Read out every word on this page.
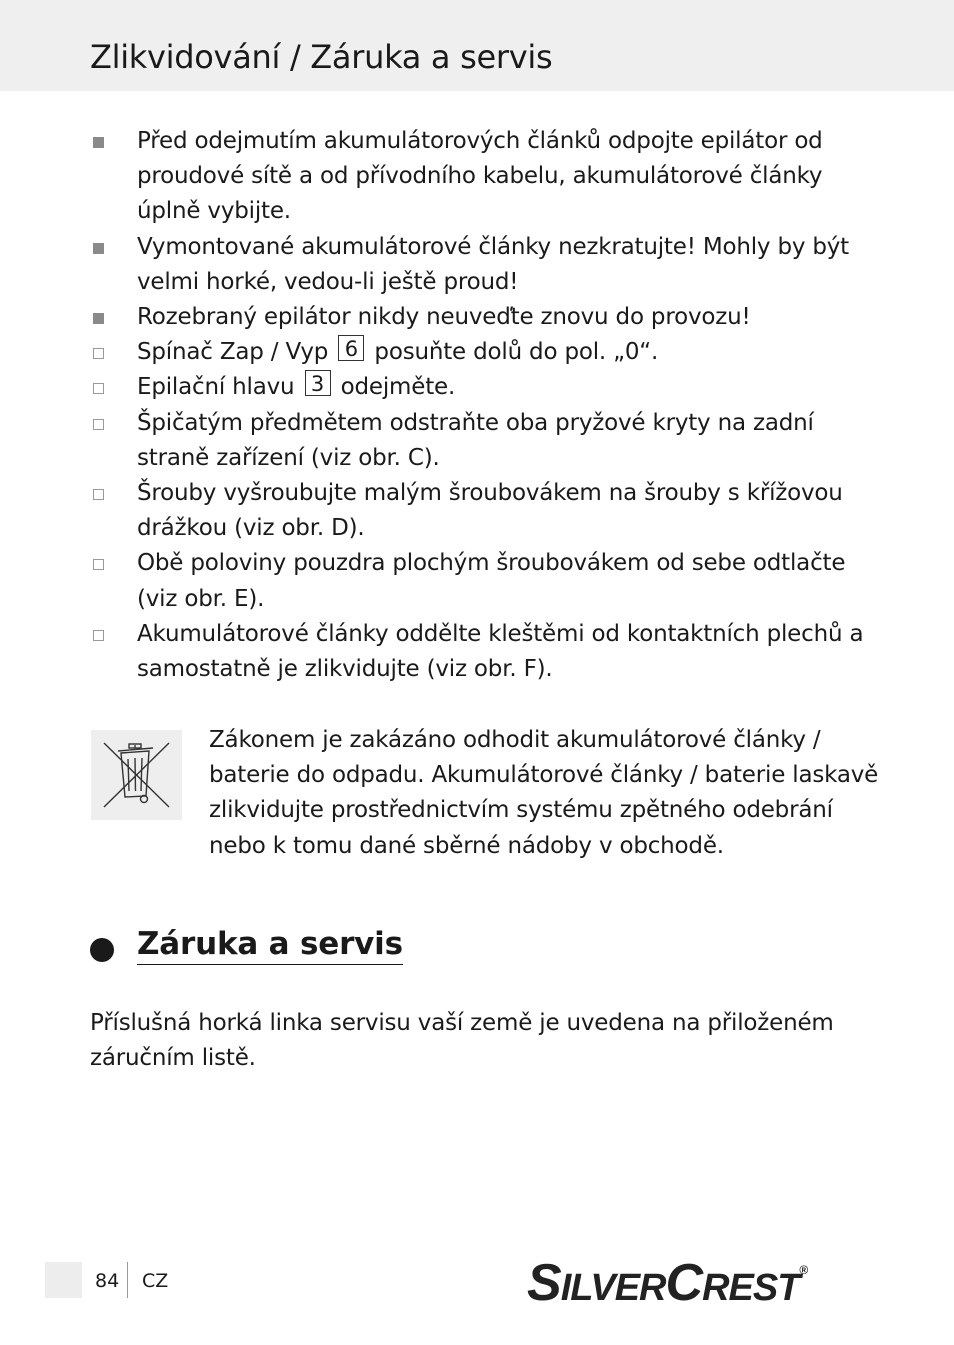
Zlikvidování / Záruka a servis
Před odejmutím akumulátorových článků odpojte epilátor od proudové sítě a od přívodního kabelu, akumulátorové články úplně vybijte.
Vymontované akumulátorové články nezkratujte! Mohly by být velmi horké, vedou-li ještě proud!
Rozebraný epilátor nikdy neuveďte znovu do provozu!
Spínač Zap / Vyp 6 posuňte dolů do pol. „0“.
Epilační hlavu 3 odejměte.
Špičatým předmětem odstraňte oba pryžové kryty na zadní straně zařízení (viz obr. C).
Šrouby vyšroubujte malým šroubovákem na šrouby s křížovou drážkou (viz obr. D).
Obě poloviny pouzdra plochým šroubovákem od sebe odtlačte (viz obr. E).
Akumulátorové články oddělte kleštěmi od kontaktních plechů a samostatně je zlikvidujte (viz obr. F).
Zákonem je zakázáno odhodit akumulátorové články / baterie do odpadu. Akumulátorové články / baterie laskavě zlikvidujte prostřednictvím systému zpětného odebrání nebo k tomu dané sběrné nádoby v obchodě.
Záruka a servis
Příslušná horká linka servisu vaší země je uvedena na přiloženém záručním listě.
84 CZ	SILVERCREST®
